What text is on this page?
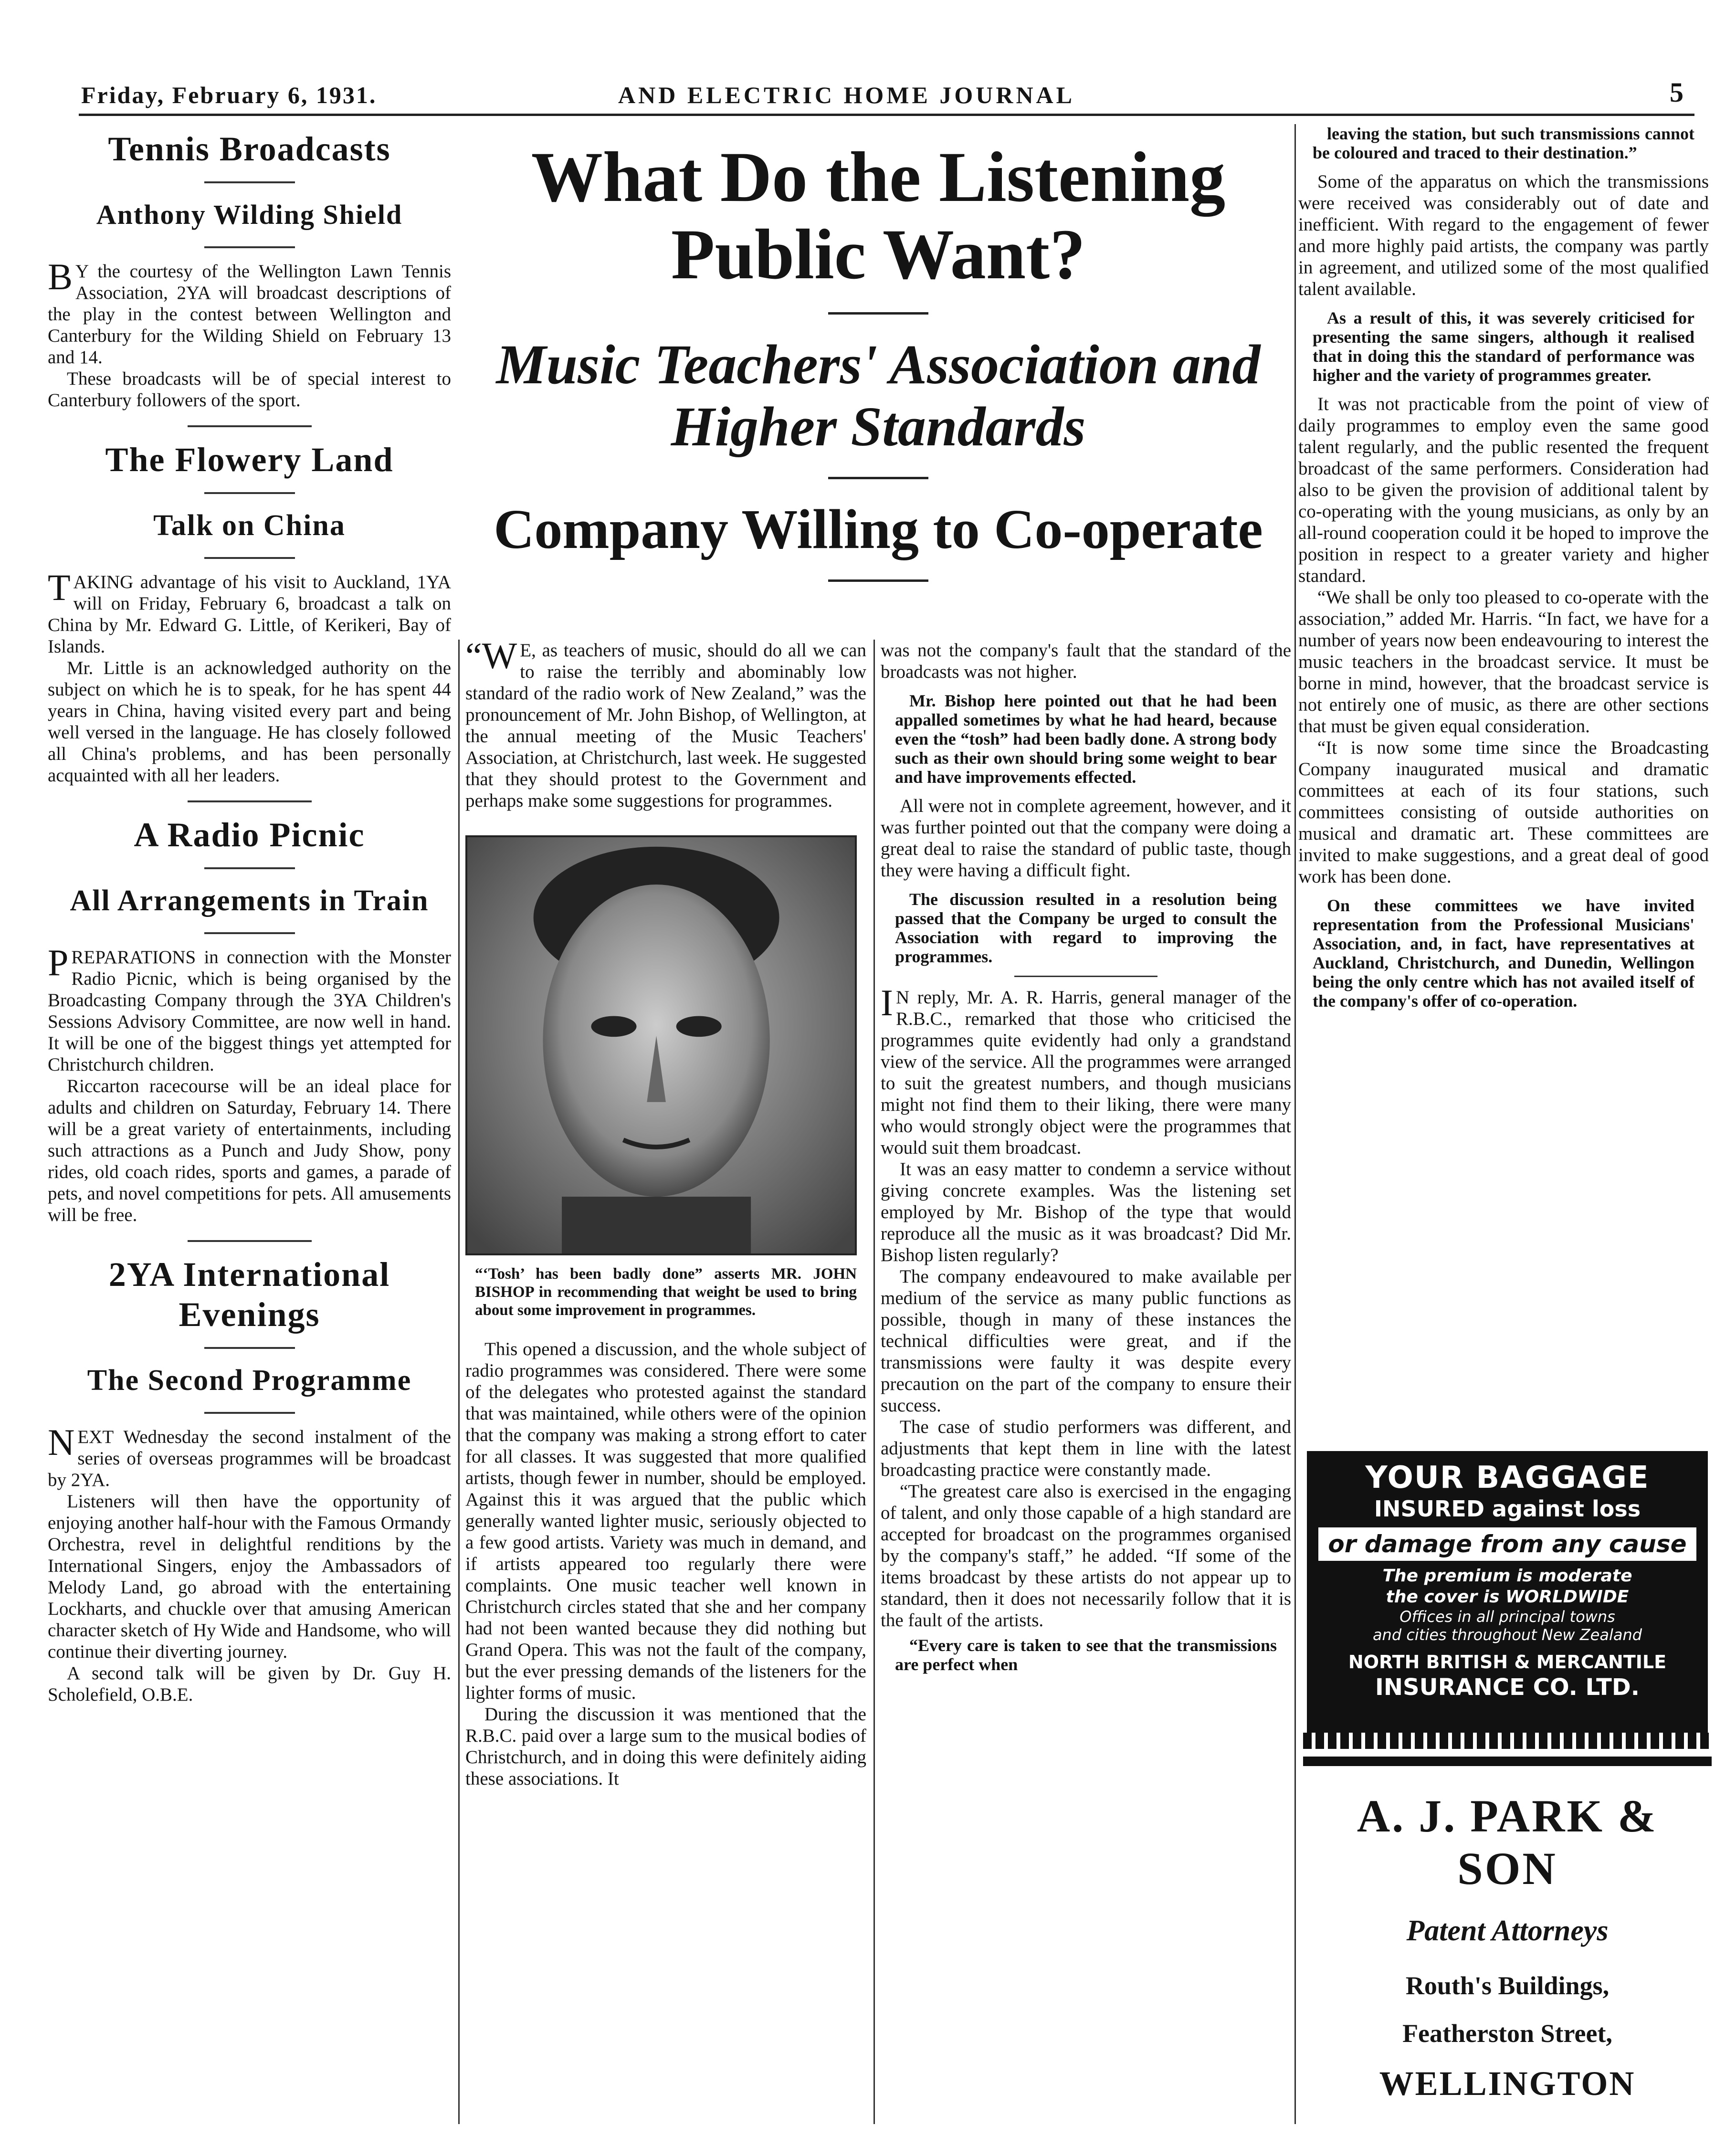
Friday, February 6, 1931.	AND ELECTRIC HOME JOURNAL	5
Tennis Broadcasts
Anthony Wilding Shield

B Y the courtesy of the Wellington Lawn Tennis Association, 2YA will broadcast descriptions of the play in the contest between Wellington and Canterbury for the Wilding Shield on February 13 and 14.

These broadcasts will be of special interest to Canterbury followers of the sport.

The Flowery Land
Talk on China

TAKING advantage of his visit to Auckland, 1YA will on Friday, February 6, broadcast a talk on China by Mr. Edward G. Little, of Kerikeri, Bay of Islands.

Mr. Little is an acknowledged authority on the subject on which he is to speak, for he has spent 44 years in China, having visited every part and being well versed in the language. He has closely followed all China's problems, and has been personally acquainted with all her leaders.

A Radio Picnic
All Arrangements in Train

PREPARATIONS in connection with the Monster Radio Picnic, which is being organised by the Broadcasting Company through the 3YA Children's Sessions Advisory Committee, are now well in hand. It will be one of the biggest things yet attempted for Christchurch children.

Riccarton racecourse will be an ideal place for adults and children on Saturday, February 14. There will be a great variety of entertainments, including such attractions as a Punch and Judy Show, pony rides, old coach rides, sports and games, a parade of pets, and novel competitions for pets. All amusements will be free.

2YA International Evenings
The Second Programme

NEXT Wednesday the second instalment of the series of overseas programmes will be broadcast by 2YA.

Listeners will then have the opportunity of enjoying another half-hour with the Famous Ormandy Orchestra, revel in delightful renditions by the International Singers, enjoy the Ambassadors of Melody Land, go abroad with the entertaining Lockharts, and chuckle over that amusing American character sketch of Hy Wide and Handsome, who will continue their diverting journey.

A second talk will be given by Dr. Guy H. Scholefield, O.B.E.

What Do the Listening Public Want?
Music Teachers' Association and Higher Standards
Company Willing to Co-operate

“W E, as teachers of music, should do all we can to raise the terribly and abominably low standard of the radio work of New Zealand,” was the pronouncement of Mr. John Bishop, of Wellington, at the annual meeting of the Music Teachers' Association, at Christchurch, last week. He suggested that they should protest to the Government and perhaps make some suggestions for programmes.

“‘Tosh’ has been badly done” asserts MR. JOHN BISHOP in recommending that weight be used to bring about some improvement in programmes.

This opened a discussion, and the whole subject of radio programmes was considered. There were some of the delegates who protested against the standard that was maintained, while others were of the opinion that the company was making a strong effort to cater for all classes. It was suggested that more qualified artists, though fewer in number, should be employed. Against this it was argued that the public which generally wanted lighter music, seriously objected to a few good artists. Variety was much in demand, and if artists appeared too regularly there were complaints. One music teacher well known in Christchurch circles stated that she and her company had not been wanted because they did nothing but Grand Opera. This was not the fault of the company, but the ever pressing demands of the listeners for the lighter forms of music.

During the discussion it was mentioned that the R.B.C. paid over a large sum to the musical bodies of Christchurch, and in doing this were definitely aiding these associations. It

was not the company's fault that the standard of the broadcasts was not higher.

Mr. Bishop here pointed out that he had been appalled sometimes by what he had heard, because even the “tosh” had been badly done. A strong body such as their own should bring some weight to bear and have improvements effected.

All were not in complete agreement, however, and it was further pointed out that the company were doing a great deal to raise the standard of public taste, though they were having a difficult fight.

The discussion resulted in a resolution being passed that the Company be urged to consult the Association with regard to improving the programmes.

I N reply, Mr. A. R. Harris, general manager of the R.B.C., remarked that those who criticised the programmes quite evidently had only a grandstand view of the service. All the programmes were arranged to suit the greatest numbers, and though musicians might not find them to their liking, there were many who would strongly object were the programmes that would suit them broadcast.

It was an easy matter to condemn a service without giving concrete examples. Was the listening set employed by Mr. Bishop of the type that would reproduce all the music as it was broadcast? Did Mr. Bishop listen regularly?

The company endeavoured to make available per medium of the service as many public functions as possible, though in many of these instances the technical difficulties were great, and if the transmissions were faulty it was despite every precaution on the part of the company to ensure their success.

The case of studio performers was different, and adjustments that kept them in line with the latest broadcasting practice were constantly made.

“The greatest care also is exercised in the engaging of talent, and only those capable of a high standard are accepted for broadcast on the programmes organised by the company's staff,” he added. “If some of the items broadcast by these artists do not appear up to standard, then it does not necessarily follow that it is the fault of the artists.

“Every care is taken to see that the transmissions are perfect when

leaving the station, but such transmissions cannot be coloured and traced to their destination.”

Some of the apparatus on which the transmissions were received was considerably out of date and inefficient. With regard to the engagement of fewer and more highly paid artists, the company was partly in agreement, and utilized some of the most qualified talent available.

As a result of this, it was severely criticised for presenting the same singers, although it realised that in doing this the standard of performance was higher and the variety of programmes greater.

It was not practicable from the point of view of daily programmes to employ even the same good talent regularly, and the public resented the frequent broadcast of the same performers. Consideration had also to be given the provision of additional talent by co-operating with the young musicians, as only by an all-round cooperation could it be hoped to improve the position in respect to a greater variety and higher standard.

“We shall be only too pleased to co-operate with the association,” added Mr. Harris. “In fact, we have for a number of years now been endeavouring to interest the music teachers in the broadcast service. It must be borne in mind, however, that the broadcast service is not entirely one of music, as there are other sections that must be given equal consideration.

“It is now some time since the Broadcasting Company inaugurated musical and dramatic committees at each of its four stations, such committees consisting of outside authorities on musical and dramatic art. These committees are invited to make suggestions, and a great deal of good work has been done.

On these committees we have invited representation from the Professional Musicians' Association, and, in fact, have representatives at Auckland, Christchurch, and Dunedin, Wellingon being the only centre which has not availed itself of the company's offer of co-operation.

YOUR BAGGAGE
INSURED against loss
or damage from any cause
The premium is moderate
the cover is WORLDWIDE
Offices in all principal towns
and cities throughout New Zealand
NORTH BRITISH & MERCANTILE
INSURANCE CO. LTD.
A. J. PARK & SON
Patent Attorneys
Routh's Buildings,
Featherston Street,
WELLINGTON
